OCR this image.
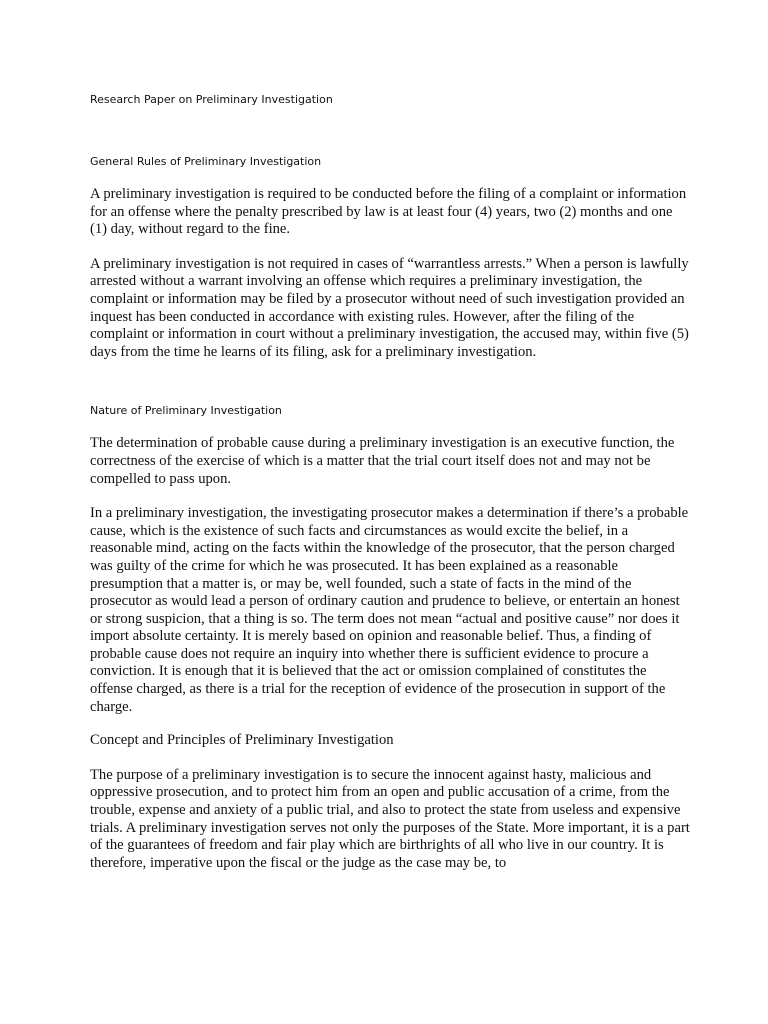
Research Paper on Preliminary Investigation

General Rules of Preliminary Investigation

A preliminary investigation is required to be conducted before the filing of a complaint or information for an offense where the penalty prescribed by law is at least four (4) years, two (2) months and one (1) day, without regard to the fine.

A preliminary investigation is not required in cases of “warrantless arrests.” When a person is lawfully arrested without a warrant involving an offense which requires a preliminary investigation, the complaint or information may be filed by a prosecutor without need of such investigation provided an inquest has been conducted in accordance with existing rules. However, after the filing of the complaint or information in court without a preliminary investigation, the accused may, within five (5) days from the time he learns of its filing, ask for a preliminary investigation.

Nature of Preliminary Investigation

The determination of probable cause during a preliminary investigation is an executive function, the correctness of the exercise of which is a matter that the trial court itself does not and may not be compelled to pass upon.

In a preliminary investigation, the investigating prosecutor makes a determination if there’s a probable cause, which is the existence of such facts and circumstances as would excite the belief, in a reasonable mind, acting on the facts within the knowledge of the prosecutor, that the person charged was guilty of the crime for which he was prosecuted. It has been explained as a reasonable presumption that a matter is, or may be, well founded, such a state of facts in the mind of the prosecutor as would lead a person of ordinary caution and prudence to believe, or entertain an honest or strong suspicion, that a thing is so. The term does not mean “actual and positive cause” nor does it import absolute certainty. It is merely based on opinion and reasonable belief. Thus, a finding of probable cause does not require an inquiry into whether there is sufficient evidence to procure a conviction. It is enough that it is believed that the act or omission complained of constitutes the offense charged, as there is a trial for the reception of evidence of the prosecution in support of the charge.

Concept and Principles of Preliminary Investigation

The purpose of a preliminary investigation is to secure the innocent against hasty, malicious and oppressive prosecution, and to protect him from an open and public accusation of a crime, from the trouble, expense and anxiety of a public trial, and also to protect the state from useless and expensive trials. A preliminary investigation serves not only the purposes of the State. More important, it is a part of the guarantees of freedom and fair play which are birthrights of all who live in our country. It is therefore, imperative upon the fiscal or the judge as the case may be, to
